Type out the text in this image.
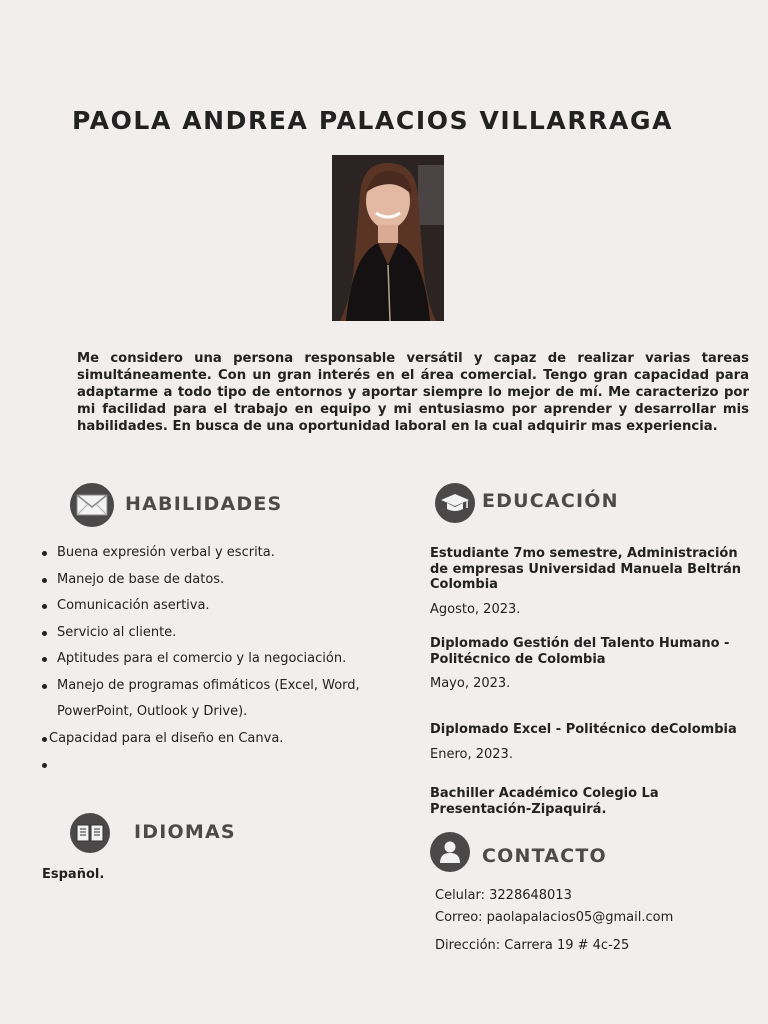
PAOLA ANDREA PALACIOS VILLARRAGA
Me considero una persona responsable versátil y capaz de realizar varias tareas simultáneamente. Con un gran interés en el área comercial. Tengo gran capacidad para adaptarme a todo tipo de entornos y aportar siempre lo mejor de mí. Me caracterizo por mi facilidad para el trabajo en equipo y mi entusiasmo por aprender y desarrollar mis habilidades. En busca de una oportunidad laboral en la cual adquirir mas experiencia.
HABILIDADES
Buena expresión verbal y escrita.
Manejo de base de datos.
Comunicación asertiva.
Servicio al cliente.
Aptitudes para el comercio y la negociación.
Manejo de programas ofimáticos (Excel, Word,
PowerPoint, Outlook y Drive).
Capacidad para el diseño en Canva.

IDIOMAS
Español.
EDUCACIÓN
Estudiante 7mo semestre, Administración de empresas Universidad Manuela Beltrán Colombia
Agosto, 2023.
Diplomado Gestión del Talento Humano - Politécnico de Colombia
Mayo, 2023.
Diplomado Excel - Politécnico deColombia
Enero, 2023.
Bachiller Académico Colegio La Presentación-Zipaquirá.
CONTACTO
Celular: 3228648013
Correo: paolapalacios05@gmail.com
Dirección: Carrera 19 # 4c-25
